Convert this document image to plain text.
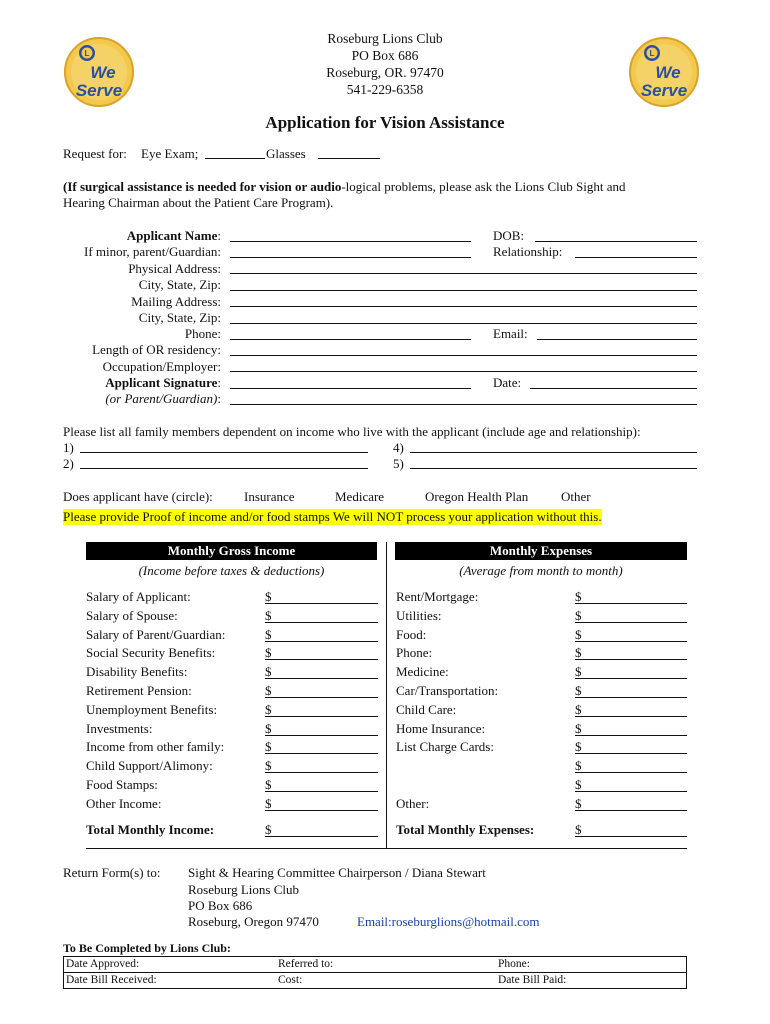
L
We
Serve
L
We
Serve
Roseburg Lions Club
PO Box 686
Roseburg, OR. 97470
541-229-6358
Application for Vision Assistance
Request for: Eye Exam;	Glasses
(If surgical assistance is needed for vision or audio-logical problems, please ask the Lions Club Sight and
Hearing Chairman about the Patient Care Program).
Applicant Name:	DOB:
If minor, parent/Guardian:	Relationship:
Physical Address:
City, State, Zip:
Mailing Address:
City, State, Zip:
Phone:	Email:
Length of OR residency:
Occupation/Employer:
Applicant Signature:	Date:
(or Parent/Guardian):
Please list all family members dependent on income who live with the applicant (include age and relationship):
1)	4)
2)	5)
Does applicant have (circle): Insurance	Medicare	Oregon Health Plan	Other
Please provide Proof of income and/or food stamps We will NOT process your application without this.
Monthly Gross Income	Monthly Expenses
(Income before taxes & deductions)	(Average from month to month)
Salary of Applicant:	$
Salary of Spouse:	$
Salary of Parent/Guardian:	$
Social Security Benefits:	$
Disability Benefits:	$
Retirement Pension:	$
Unemployment Benefits:	$
Investments:	$
Income from other family:	$
Child Support/Alimony:	$
Food Stamps:	$
Other Income:	$
Rent/Mortgage:	$
Utilities:	$
Food:	$
Phone:	$
Medicine:	$
Car/Transportation:	$
Child Care:	$
Home Insurance:	$
List Charge Cards:	$
$
$
Other:	$
Total Monthly Income:	$	Total Monthly Expenses:	$
Return Form(s) to: Sight & Hearing Committee Chairperson / Diana Stewart
Roseburg Lions Club
PO Box 686
Roseburg, Oregon 97470	Email:roseburglions@hotmail.com
To Be Completed by Lions Club:
Date Approved:	Referred to:	Phone:
Date Bill Received:	Cost:	Date Bill Paid:
